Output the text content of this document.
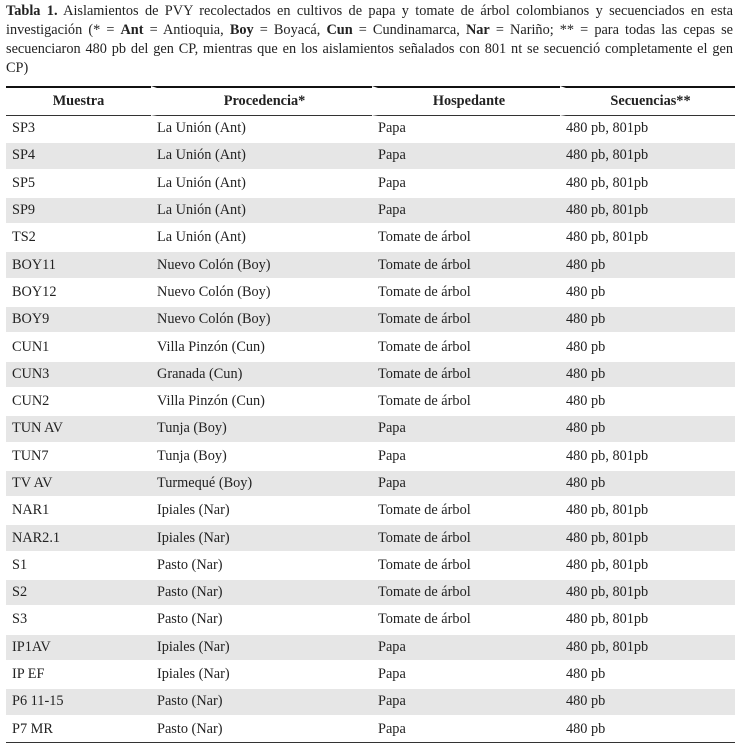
Tabla 1. Aislamientos de PVY recolectados en cultivos de papa y tomate de árbol colombianos y secuenciados en esta investigación (* = Ant = Antioquia, Boy = Boyacá, Cun = Cundinamarca, Nar = Nariño; ** = para todas las cepas se secuenciaron 480 pb del gen CP, mientras que en los aislamientos señalados con 801 nt se secuenció completamente el gen CP)
Muestra	Procedencia*	Hospedante	Secuencias**
SP3	La Unión (Ant)	Papa	480 pb, 801pb
SP4	La Unión (Ant)	Papa	480 pb, 801pb
SP5	La Unión (Ant)	Papa	480 pb, 801pb
SP9	La Unión (Ant)	Papa	480 pb, 801pb
TS2	La Unión (Ant)	Tomate de árbol	480 pb, 801pb
BOY11	Nuevo Colón (Boy)	Tomate de árbol	480 pb
BOY12	Nuevo Colón (Boy)	Tomate de árbol	480 pb
BOY9	Nuevo Colón (Boy)	Tomate de árbol	480 pb
CUN1	Villa Pinzón (Cun)	Tomate de árbol	480 pb
CUN3	Granada (Cun)	Tomate de árbol	480 pb
CUN2	Villa Pinzón (Cun)	Tomate de árbol	480 pb
TUN AV	Tunja (Boy)	Papa	480 pb
TUN7	Tunja (Boy)	Papa	480 pb, 801pb
TV AV	Turmequé (Boy)	Papa	480 pb
NAR1	Ipiales (Nar)	Tomate de árbol	480 pb, 801pb
NAR2.1	Ipiales (Nar)	Tomate de árbol	480 pb, 801pb
S1	Pasto (Nar)	Tomate de árbol	480 pb, 801pb
S2	Pasto (Nar)	Tomate de árbol	480 pb, 801pb
S3	Pasto (Nar)	Tomate de árbol	480 pb, 801pb
IP1AV	Ipiales (Nar)	Papa	480 pb, 801pb
IP EF	Ipiales (Nar)	Papa	480 pb
P6 11-15	Pasto (Nar)	Papa	480 pb
P7 MR	Pasto (Nar)	Papa	480 pb
